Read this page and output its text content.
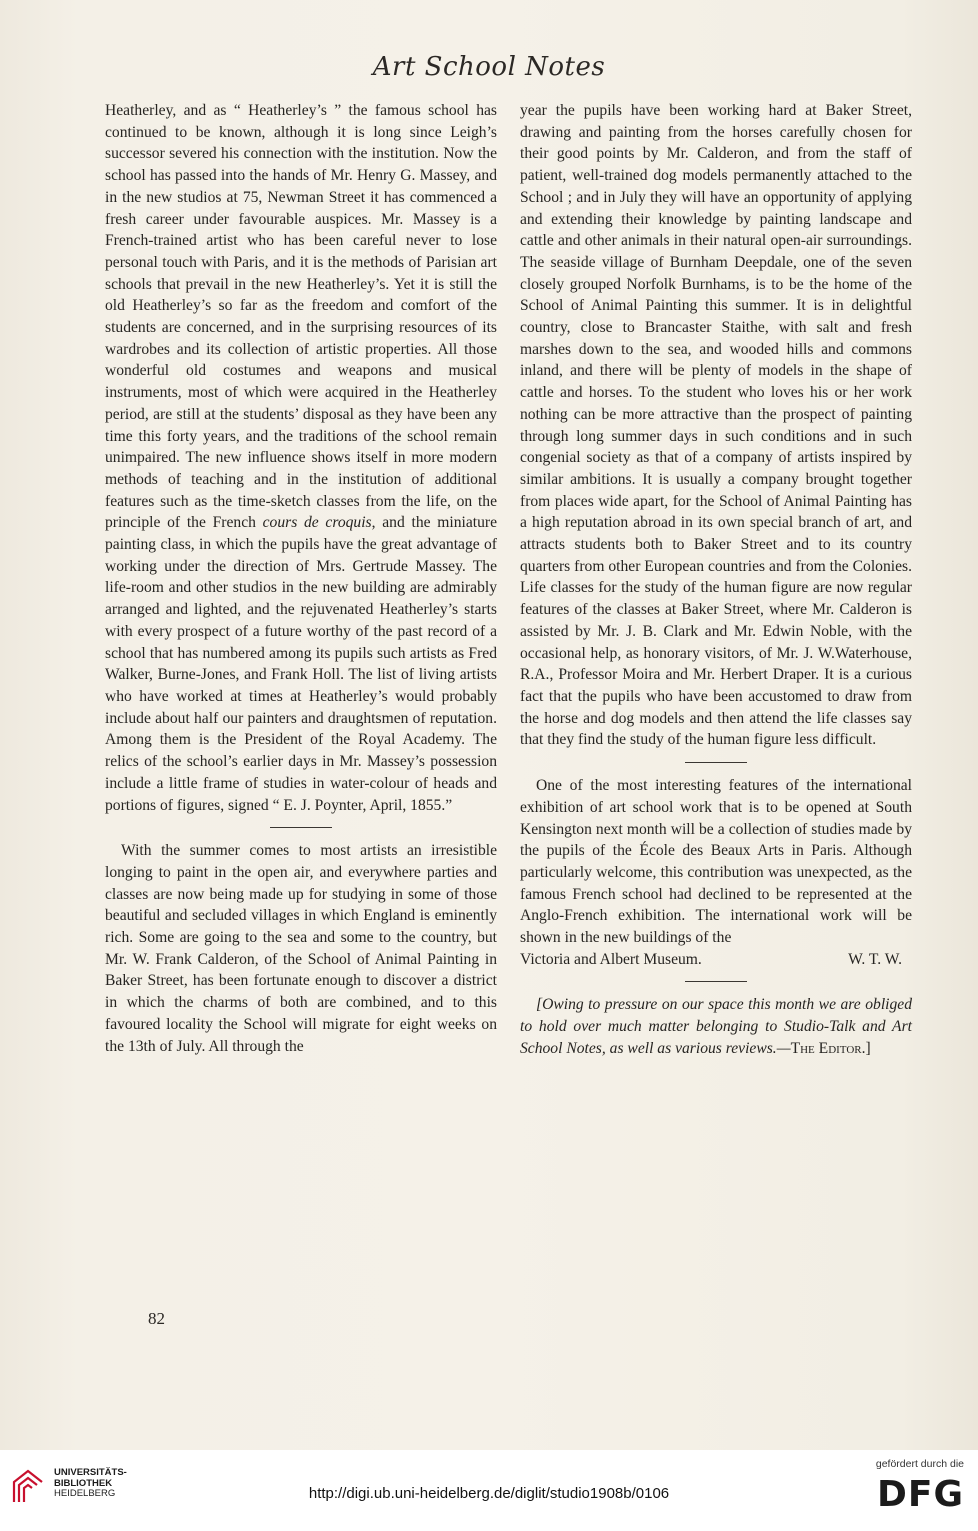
Art School Notes

Heatherley, and as “ Heatherley’s ” the famous school has continued to be known, although it is long since Leigh’s successor severed his connection with the institution. Now the school has passed into the hands of Mr. Henry G. Massey, and in the new studios at 75, Newman Street it has commenced a fresh career under favourable auspices. Mr. Massey is a French-trained artist who has been careful never to lose personal touch with Paris, and it is the methods of Parisian art schools that prevail in the new Heatherley’s. Yet it is still the old Heatherley’s so far as the freedom and comfort of the students are concerned, and in the surprising resources of its wardrobes and its collection of artistic properties. All those wonderful old costumes and weapons and musical instruments, most of which were acquired in the Heatherley period, are still at the students’ disposal as they have been any time this forty years, and the traditions of the school remain unimpaired. The new influence shows itself in more modern methods of teaching and in the institution of additional features such as the time-sketch classes from the life, on the principle of the French cours de croquis, and the miniature painting class, in which the pupils have the great advantage of working under the direction of Mrs. Gertrude Massey. The life-room and other studios in the new building are admirably arranged and lighted, and the rejuvenated Heatherley’s starts with every prospect of a future worthy of the past record of a school that has numbered among its pupils such artists as Fred Walker, Burne-Jones, and Frank Holl. The list of living artists who have worked at times at Heatherley’s would probably include about half our painters and draughtsmen of reputation. Among them is the President of the Royal Academy. The relics of the school’s earlier days in Mr. Massey’s possession include a little frame of studies in water-colour of heads and portions of figures, signed “ E. J. Poynter, April, 1855.”

With the summer comes to most artists an irresistible longing to paint in the open air, and everywhere parties and classes are now being made up for studying in some of those beautiful and secluded villages in which England is eminently rich. Some are going to the sea and some to the country, but Mr. W. Frank Calderon, of the School of Animal Painting in Baker Street, has been fortunate enough to discover a district in which the charms of both are combined, and to this favoured locality the School will migrate for eight weeks on the 13th of July. All through the

year the pupils have been working hard at Baker Street, drawing and painting from the horses carefully chosen for their good points by Mr. Calderon, and from the staff of patient, well-trained dog models permanently attached to the School ; and in July they will have an opportunity of applying and extending their knowledge by painting landscape and cattle and other animals in their natural open-air surroundings. The seaside village of Burnham Deepdale, one of the seven closely grouped Norfolk Burnhams, is to be the home of the School of Animal Painting this summer. It is in delightful country, close to Brancaster Staithe, with salt and fresh marshes down to the sea, and wooded hills and commons inland, and there will be plenty of models in the shape of cattle and horses. To the student who loves his or her work nothing can be more attractive than the prospect of painting through long summer days in such conditions and in such congenial society as that of a company of artists inspired by similar ambitions. It is usually a company brought together from places wide apart, for the School of Animal Painting has a high reputation abroad in its own special branch of art, and attracts students both to Baker Street and to its country quarters from other European countries and from the Colonies. Life classes for the study of the human figure are now regular features of the classes at Baker Street, where Mr. Calderon is assisted by Mr. J. B. Clark and Mr. Edwin Noble, with the occasional help, as honorary visitors, of Mr. J. W.Waterhouse, R.A., Professor Moira and Mr. Herbert Draper. It is a curious fact that the pupils who have been accustomed to draw from the horse and dog models and then attend the life classes say that they find the study of the human figure less difficult.

One of the most interesting features of the international exhibition of art school work that is to be opened at South Kensington next month will be a collection of studies made by the pupils of the École des Beaux Arts in Paris. Although particularly welcome, this contribution was unexpected, as the famous French school had declined to be represented at the Anglo-French exhibition. The international work will be shown in the new buildings of the

Victoria and Albert Museum.	W. T. W.

[Owing to pressure on our space this month we are obliged to hold over much matter belonging to Studio-Talk and Art School Notes, as well as various reviews.—The Editor.]

82
UNIVERSITÄTS-
BIBLIOTHEK
HEIDELBERG	http://digi.ub.uni-heidelberg.de/diglit/studio1908b/0106
gefördert durch die
DFG
